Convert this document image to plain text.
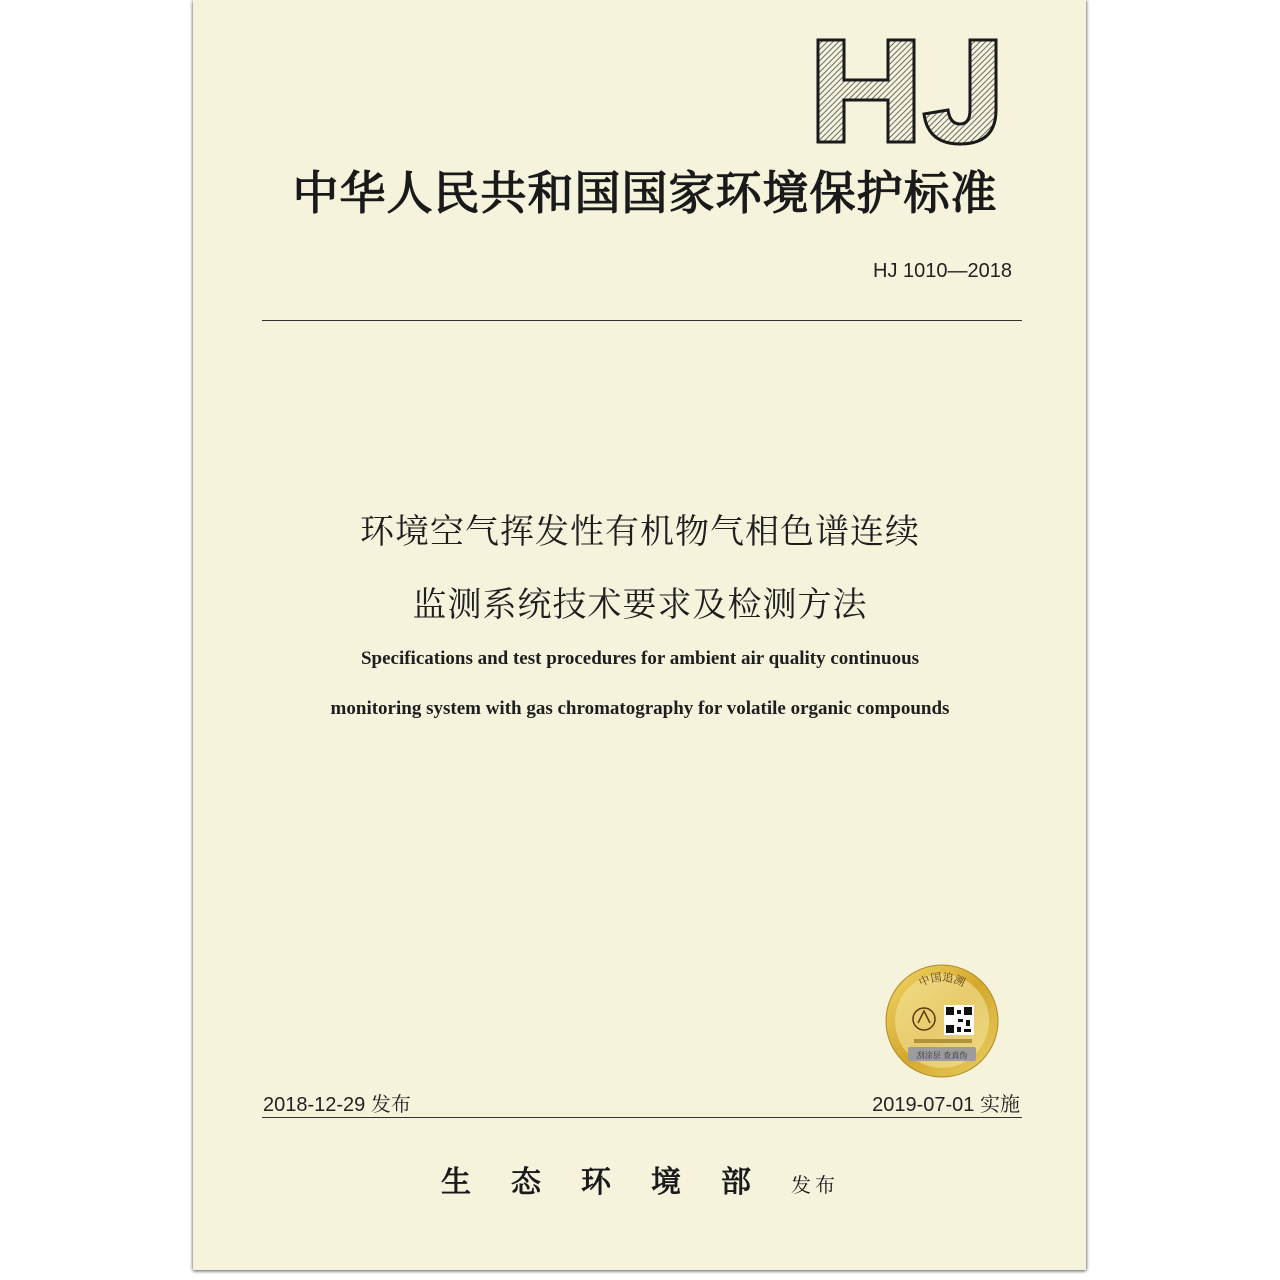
中华人民共和国国家环境保护标准
HJ 1010—2018
环境空气挥发性有机物气相色谱连续
监测系统技术要求及检测方法
Specifications and test procedures for ambient air quality continuous
monitoring system with gas chromatography for volatile organic compounds
中国追溯
刮涂层 查真伪
2018-12-29 发布	2019-07-01 实施
生态环境部发布
